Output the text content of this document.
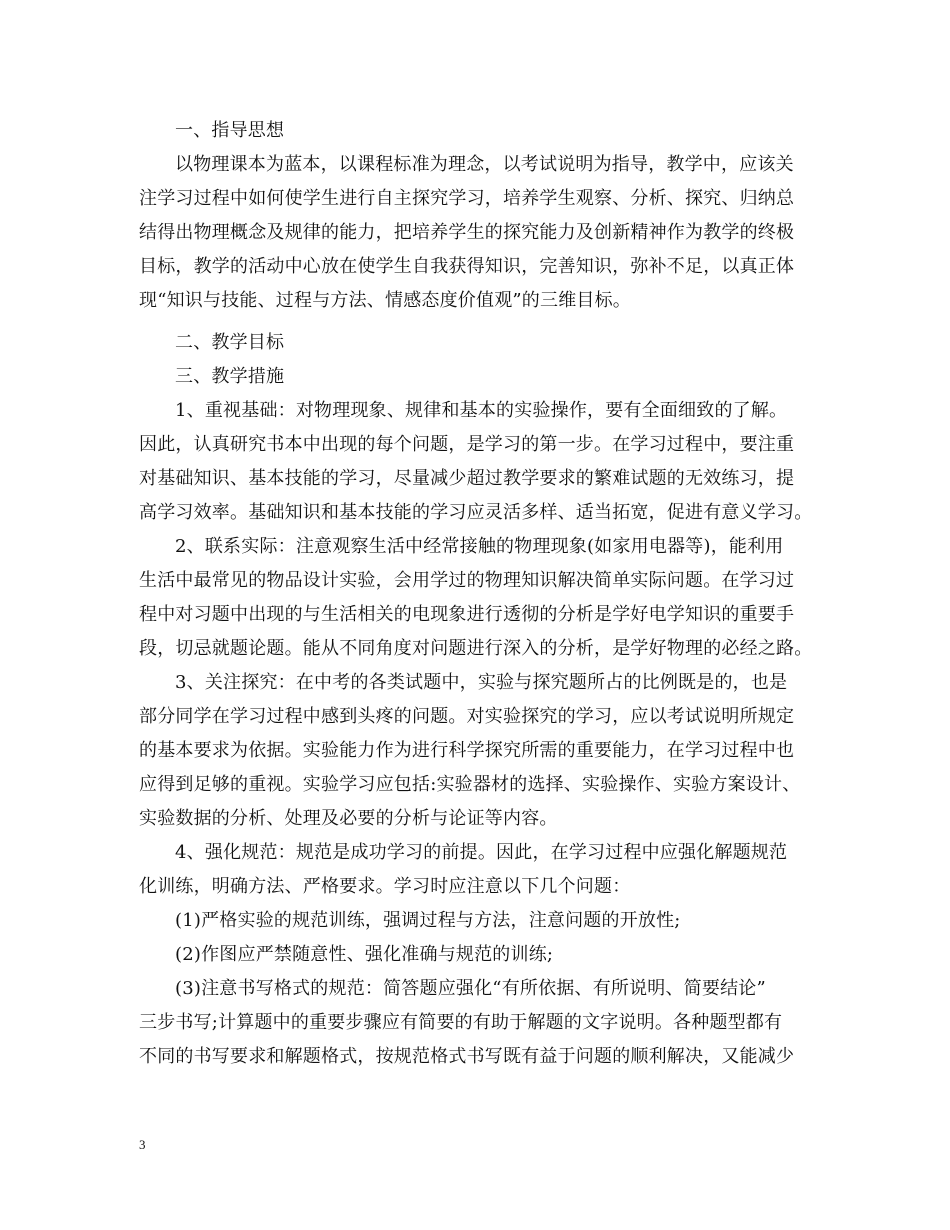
一、指导思想
以物理课本为蓝本，以课程标准为理念，以考试说明为指导，教学中，应该关
注学习过程中如何使学生进行自主探究学习，培养学生观察、分析、探究、归纳总
结得出物理概念及规律的能力，把培养学生的探究能力及创新精神作为教学的终极
目标，教学的活动中心放在使学生自我获得知识，完善知识，弥补不足，以真正体
现“知识与技能、过程与方法、情感态度价值观”的三维目标。
二、教学目标
三、教学措施
1、重视基础：对物理现象、规律和基本的实验操作，要有全面细致的了解。
因此，认真研究书本中出现的每个问题，是学习的第一步。在学习过程中，要注重
对基础知识、基本技能的学习，尽量减少超过教学要求的繁难试题的无效练习，提
高学习效率。基础知识和基本技能的学习应灵活多样、适当拓宽，促进有意义学习。
2、联系实际：注意观察生活中经常接触的物理现象(如家用电器等)，能利用
生活中最常见的物品设计实验，会用学过的物理知识解决简单实际问题。在学习过
程中对习题中出现的与生活相关的电现象进行透彻的分析是学好电学知识的重要手
段，切忌就题论题。能从不同角度对问题进行深入的分析，是学好物理的必经之路。
3、关注探究：在中考的各类试题中，实验与探究题所占的比例既是的，也是
部分同学在学习过程中感到头疼的问题。对实验探究的学习，应以考试说明所规定
的基本要求为依据。实验能力作为进行科学探究所需的重要能力，在学习过程中也
应得到足够的重视。实验学习应包括:实验器材的选择、实验操作、实验方案设计、
实验数据的分析、处理及必要的分析与论证等内容。
4、强化规范：规范是成功学习的前提。因此，在学习过程中应强化解题规范
化训练，明确方法、严格要求。学习时应注意以下几个问题：
(1)严格实验的规范训练，强调过程与方法，注意问题的开放性;
(2)作图应严禁随意性、强化准确与规范的训练;
(3)注意书写格式的规范：简答题应强化“有所依据、有所说明、简要结论”
三步书写;计算题中的重要步骤应有简要的有助于解题的文字说明。各种题型都有
不同的书写要求和解题格式，按规范格式书写既有益于问题的顺利解决，又能减少
3
